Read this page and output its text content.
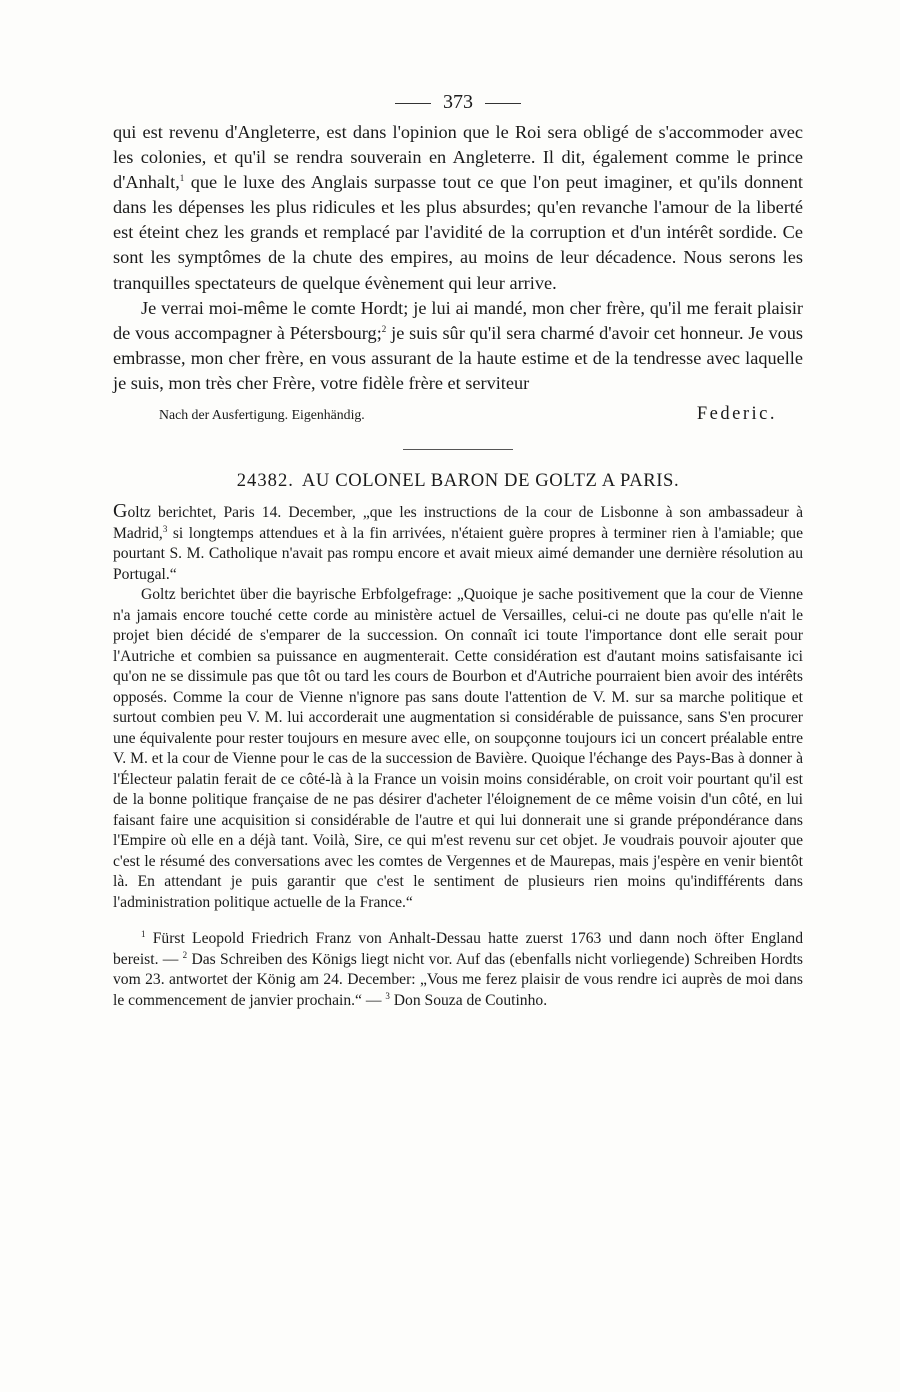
373

qui est revenu d'Angleterre, est dans l'opinion que le Roi sera obligé de s'accommoder avec les colonies, et qu'il se rendra souverain en Angleterre. Il dit, également comme le prince d'Anhalt,$^1$ que le luxe des Anglais surpasse tout ce que l'on peut imaginer, et qu'ils donnent dans les dépenses les plus ridicules et les plus absurdes; qu'en revanche l'amour de la liberté est éteint chez les grands et remplacé par l'avidité de la corruption et d'un intérêt sordide. Ce sont les symptômes de la chute des empires, au moins de leur décadence. Nous serons les tranquilles spectateurs de quelque évènement qui leur arrive.

Je verrai moi-même le comte Hordt; je lui ai mandé, mon cher frère, qu'il me ferait plaisir de vous accompagner à Pétersbourg;$^2$ je suis sûr qu'il sera charmé d'avoir cet honneur. Je vous embrasse, mon cher frère, en vous assurant de la haute estime et de la tendresse avec laquelle je suis, mon très cher Frère, votre fidèle frère et serviteur

Nach der Ausfertigung. Eigenhändig.	Federic.
24382. AU COLONEL BARON DE GOLTZ A PARIS.

Goltz berichtet, Paris 14. December, „que les instructions de la cour de Lisbonne à son ambassadeur à Madrid,$^3$ si longtemps attendues et à la fin arrivées, n'étaient guère propres à terminer rien à l'amiable; que pourtant S. M. Catholique n'avait pas rompu encore et avait mieux aimé demander une dernière résolution au Portugal.“

Goltz berichtet über die bayrische Erbfolgefrage: „Quoique je sache positivement que la cour de Vienne n'a jamais encore touché cette corde au ministère actuel de Versailles, celui-ci ne doute pas qu'elle n'ait le projet bien décidé de s'emparer de la succession. On connaît ici toute l'importance dont elle serait pour l'Autriche et combien sa puissance en augmenterait. Cette considération est d'autant moins satisfaisante ici qu'on ne se dissimule pas que tôt ou tard les cours de Bourbon et d'Autriche pourraient bien avoir des intérêts opposés. Comme la cour de Vienne n'ignore pas sans doute l'attention de V. M. sur sa marche politique et surtout combien peu V. M. lui accorderait une augmentation si considérable de puissance, sans S'en procurer une équivalente pour rester toujours en mesure avec elle, on soupçonne toujours ici un concert préalable entre V. M. et la cour de Vienne pour le cas de la succession de Bavière. Quoique l'échange des Pays-Bas à donner à l'Électeur palatin ferait de ce côté-là à la France un voisin moins considérable, on croit voir pourtant qu'il est de la bonne politique française de ne pas désirer d'acheter l'éloignement de ce même voisin d'un côté, en lui faisant faire une acquisition si considérable de l'autre et qui lui donnerait une si grande prépondérance dans l'Empire où elle en a déjà tant. Voilà, Sire, ce qui m'est revenu sur cet objet. Je voudrais pouvoir ajouter que c'est le résumé des conversations avec les comtes de Vergennes et de Maurepas, mais j'espère en venir bientôt là. En attendant je puis garantir que c'est le sentiment de plusieurs rien moins qu'indifférents dans l'administration politique actuelle de la France.“

$^1$ Fürst Leopold Friedrich Franz von Anhalt-Dessau hatte zuerst 1763 und dann noch öfter England bereist. — $^2$ Das Schreiben des Königs liegt nicht vor. Auf das (ebenfalls nicht vorliegende) Schreiben Hordts vom 23. antwortet der König am 24. December: „Vous me ferez plaisir de vous rendre ici auprès de moi dans le commencement de janvier prochain.“ — $^3$ Don Souza de Coutinho.
